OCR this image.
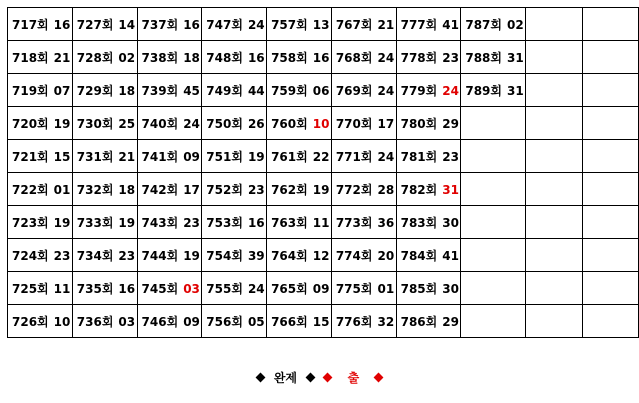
717회 16	727회 14	737회 16	747회 24	757회 13	767회 21	777회 41	787회 02		
718회 21	728회 02	738회 18	748회 16	758회 16	768회 24	778회 23	788회 31		
719회 07	729회 18	739회 45	749회 44	759회 06	769회 24	779회 24	789회 31		
720회 19	730회 25	740회 24	750회 26	760회 10	770회 17	780회 29			
721회 15	731회 21	741회 09	751회 19	761회 22	771회 24	781회 23			
722회 01	732회 18	742회 17	752회 23	762회 19	772회 28	782회 31			
723회 19	733회 19	743회 23	753회 16	763회 11	773회 36	783회 30			
724회 23	734회 23	744회 19	754회 39	764회 12	774회 20	784회 41			
725회 11	735회 16	745회 03	755회 24	765회 09	775회 01	785회 30			
726회 10	736회 03	746회 09	756회 05	766회 15	776회 32	786회 29			
완제	출
